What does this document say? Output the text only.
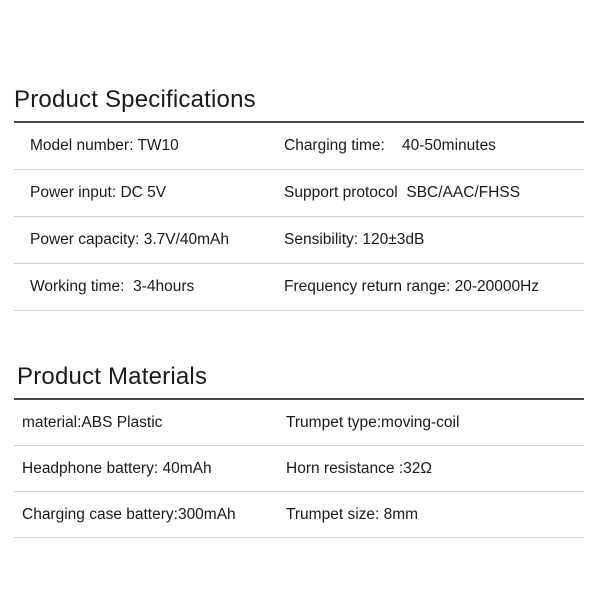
Product Specifications
Model number: TW10	Charging time:    40-50minutes
Power input: DC 5V	Support protocol  SBC/AAC/FHSS
Power capacity: 3.7V/40mAh	Sensibility: 120±3dB
Working time:  3-4hours	Frequency return range: 20-20000Hz
Product Materials
material:ABS Plastic	Trumpet type:moving-coil
Headphone battery: 40mAh	Horn resistance :32Ω
Charging case battery:300mAh	Trumpet size: 8mm
